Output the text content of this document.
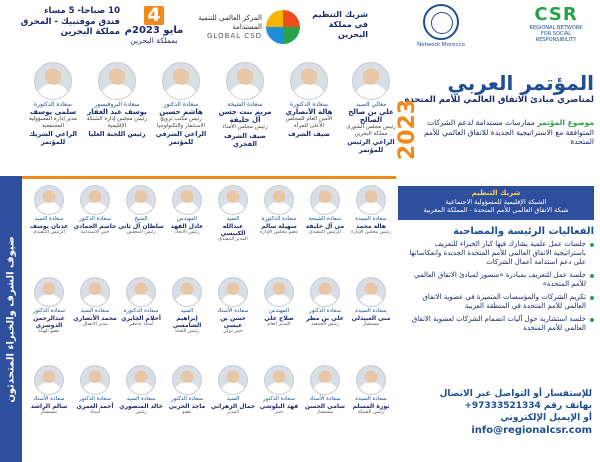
10 صباحا- 5 مساء
فندق موفنبيك - المحرق
مملكة البحرين
4
مايو 2023م
بمملكة البحرين
المركز العالمي للتنمية المستدامة
GLOBAL CSD
شريك التنظيم
في مملكة البحرين
Network Morocco
CSR
REGIONAL NETWORK
FOR SOCIAL RESPONSIBILITY
معالي السيد
علي بن صالح الصالح
رئيس مجلس الشورى مملكة البحرين
الراعي الرئيس للمؤتمر
سعادة الدكتورة
هالة الأنصاري
الأمين العام للمجلس الأعلى للمرأة
ضيف الشرف
سعادة الشيخة
مريم بنت حسن آل خليفة
رئيس مجلس الأمناء
ضيف الشرف الفخري
سعادة الدكتور
هاشم حسين
رئيس مكتب ترويج الاستثمار والتكنولوجيا
الراعي الشرفي للمؤتمر
سعادة البروفيسور
يوسف عبد الغفار
رئيس مجلس إدارة الشبكة الإقليمية
رئيس اللجنة العليا
سعادة الدكتورة
سلمى يوسف
مدير إدارة المسؤولية المجتمعية
الراعي الشريك للمؤتمر
المؤتمر العربي
لمناصري مبادئ الاتفاق العالمي للأمم المتحدة
2023	موضوع المؤتمر ممارسات مستدامة لدعم الشركات المتوافقة مع الاستراتيجية الجديدة للاتفاق العالمي للأمم المتحدة
شريك التنظيم
الشبكة الإقليمية للمسؤولية الاجتماعية
شبكة الاتفاق العالمي للأمم المتحدة - المملكة المغربية
الفعاليات الرئيسة والمصاحبة
جلسات عمل علمية يشارك فيها كبار الخبراء للتعريف باستراتيجية الاتفاق العالمي للأمم المتحدة الجديدة وانعكاساتها على دعم استدامة أعمال الشركات
جلسة عمل للتعريف بمبادرة «منصور لمبادئ الاتفاق العالمي للأمم المتحدة»
تكريم الشركات والمؤسسات المتميزة في عضوية الاتفاق العالمي للأمم المتحدة في المنطقة العربية
جلسة استشارية حول آليات انضمام الشركات لعضوية الاتفاق العالمي للأمم المتحدة
للإستفسار أو التواصل عبر الاتصال
بهاتف رقم 97333521334+
أو الإيميل الإلكتروني
info@regionalcsr.com
سعادة السيدة
هالة محمد
رئيس مجلس الإدارة
سعادة الشيخة
مي آل خليفة
الرئيس التنفيذي
سعادة الدكتورة
سهيلة سالم
عضو مجلس الإدارة
السيد
عبدالله الكبيسي
المدير التنفيذي
المهندس
عادل الفهد
رئيس الاتحاد
الشيخ
سلطان آل ثاني
رئيس المجلس
سعادة الدكتور
جاسم الحمادي
خبير الاستدامة
سعادة السيد
عدنان يوسف
الرئيس التنفيذي
سعادة السيدة
منى العبيدلي
مستشار
سعادة الدكتور
علي بن مطر
رئيس الجمعية
المهندس
صلاح علي
المدير العام
سعادة الأستاذ
حسن بن عيسى
خبير دولي
السيد
إبراهيم الشامسي
رئيس اللجنة
سعادة الدكتورة
أحلام الجابري
أستاذ جامعي
سعادة السيد
محمد الأنصاري
مدير الاتصال
سعادة الدكتور
عبدالرحمن الدوسري
عضو الهيئة
سعادة السيدة
نورة المسلم
رئيس الشبكة
سعادة الأستاذ
سامي الحسن
مستشار
سعادة الدكتور
فهد البلوشي
خبير
السيد
جمال الزهراني
المدير
سعادة الدكتور
ماجد الحربي
عضو
سعادة السيد
خالد المنصوري
رئيس
سعادة الدكتور
أحمد العمري
أستاذ
سعادة الأستاذ
سالم الراشد
مستشار
ضيوف الشرف والخبراء المتحدثون
